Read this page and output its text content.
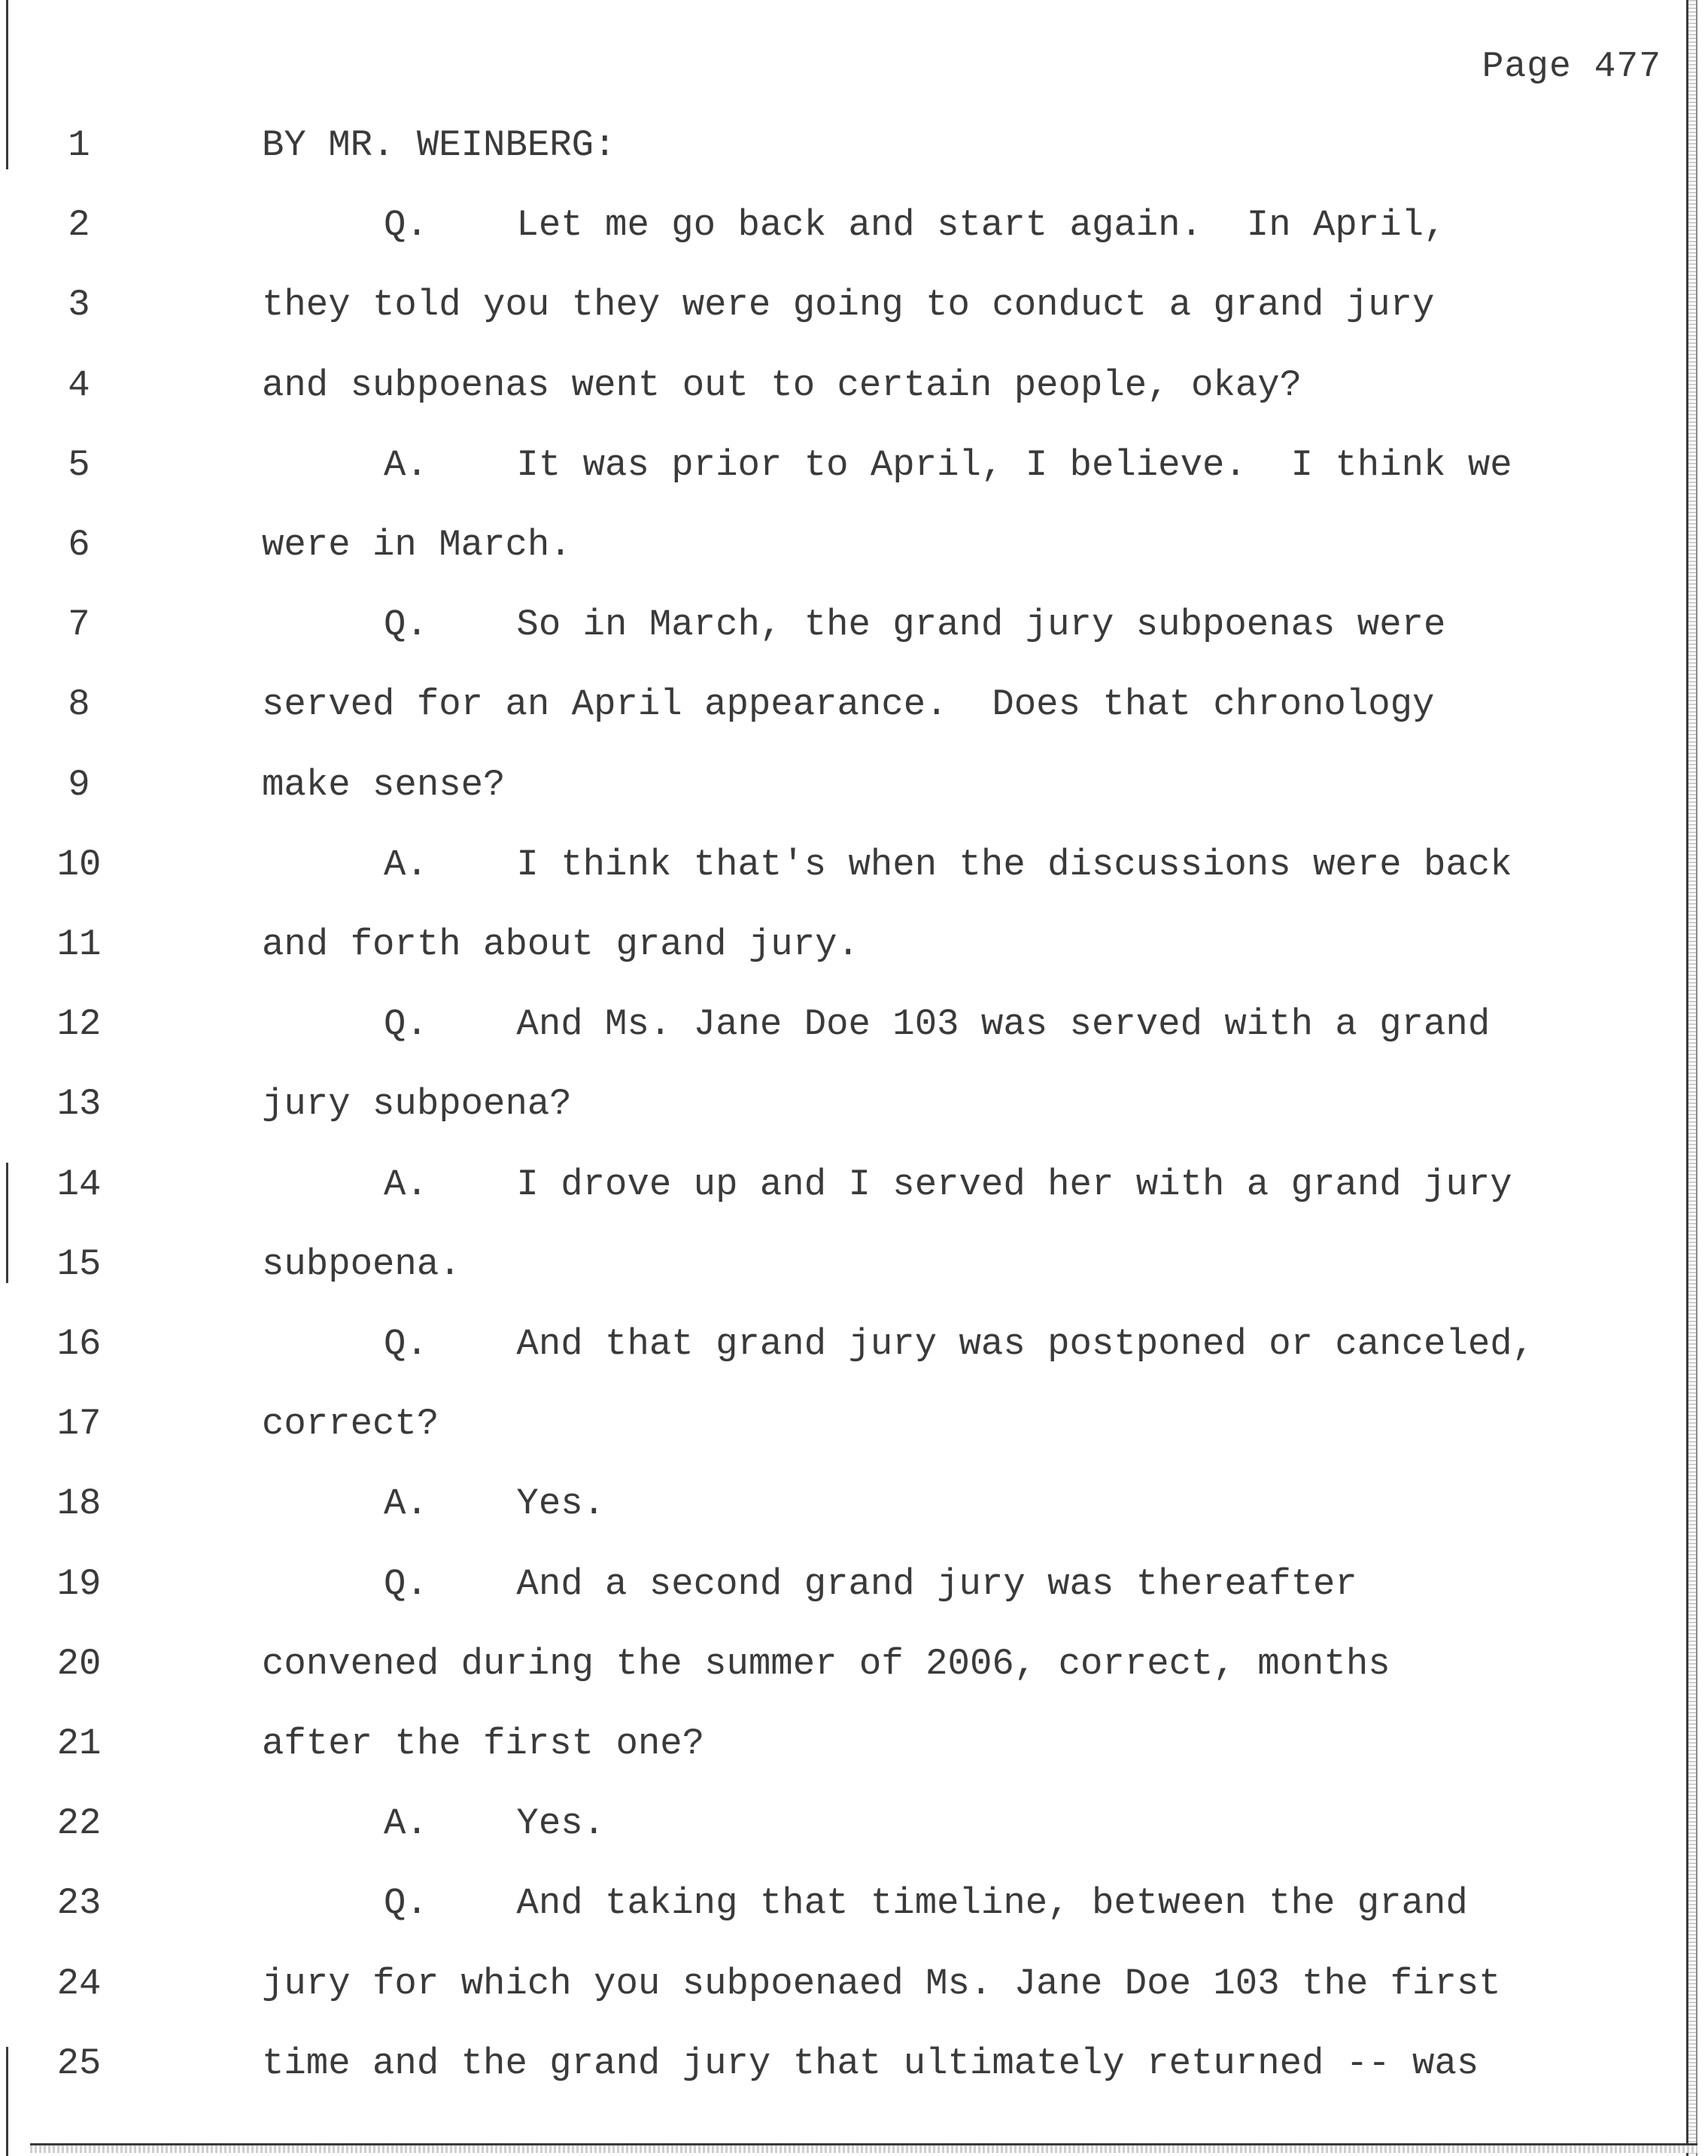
Page 477
1	BY MR. WEINBERG:
2	Q.    Let me go back and start again.  In April,
3	they told you they were going to conduct a grand jury
4	and subpoenas went out to certain people, okay?
5	A.    It was prior to April, I believe.  I think we
6	were in March.
7	Q.    So in March, the grand jury subpoenas were
8	served for an April appearance.  Does that chronology
9	make sense?
10	A.    I think that's when the discussions were back
11	and forth about grand jury.
12	Q.    And Ms. Jane Doe 103 was served with a grand
13	jury subpoena?
14	A.    I drove up and I served her with a grand jury
15	subpoena.
16	Q.    And that grand jury was postponed or canceled,
17	correct?
18	A.    Yes.
19	Q.    And a second grand jury was thereafter
20	convened during the summer of 2006, correct, months
21	after the first one?
22	A.    Yes.
23	Q.    And taking that timeline, between the grand
24	jury for which you subpoenaed Ms. Jane Doe 103 the first
25	time and the grand jury that ultimately returned -- was
